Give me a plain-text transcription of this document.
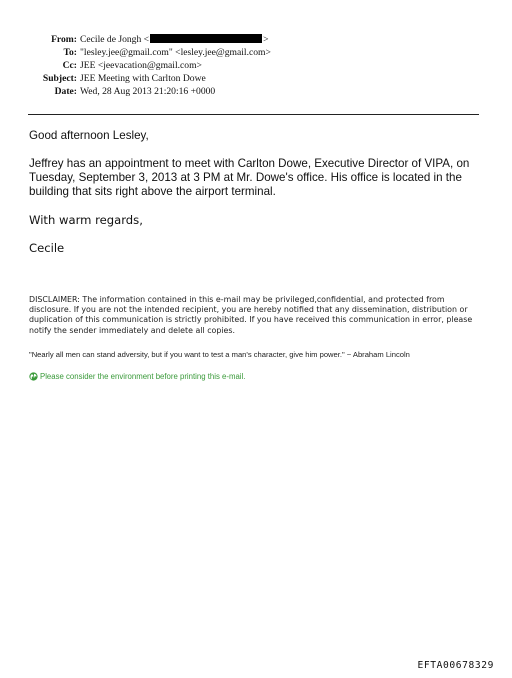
From: Cecile de Jongh <	>
To: "lesley.jee@gmail.com" <lesley.jee@gmail.com>
Cc: JEE <jeevacation@gmail.com>
Subject: JEE Meeting with Carlton Dowe
Date: Wed, 28 Aug 2013 21:20:16 +0000
Good afternoon Lesley,
Jeffrey has an appointment to meet with Carlton Dowe, Executive Director of VIPA, on Tuesday, September 3, 2013 at 3 PM at Mr. Dowe's office. His office is located in the building that sits right above the airport terminal.
With warm regards,
Cecile
DISCLAIMER: The information contained in this e-mail may be privileged,confidential, and protected from disclosure. If you are not the intended recipient, you are hereby notified that any dissemination, distribution or duplication of this communication is strictly prohibited. If you have received this communication in error, please notify the sender immediately and delete all copies.
"Nearly all men can stand adversity, but if you want to test a man's character, give him power." ~ Abraham Lincoln
Please consider the environment before printing this e-mail.
EFTA00678329
